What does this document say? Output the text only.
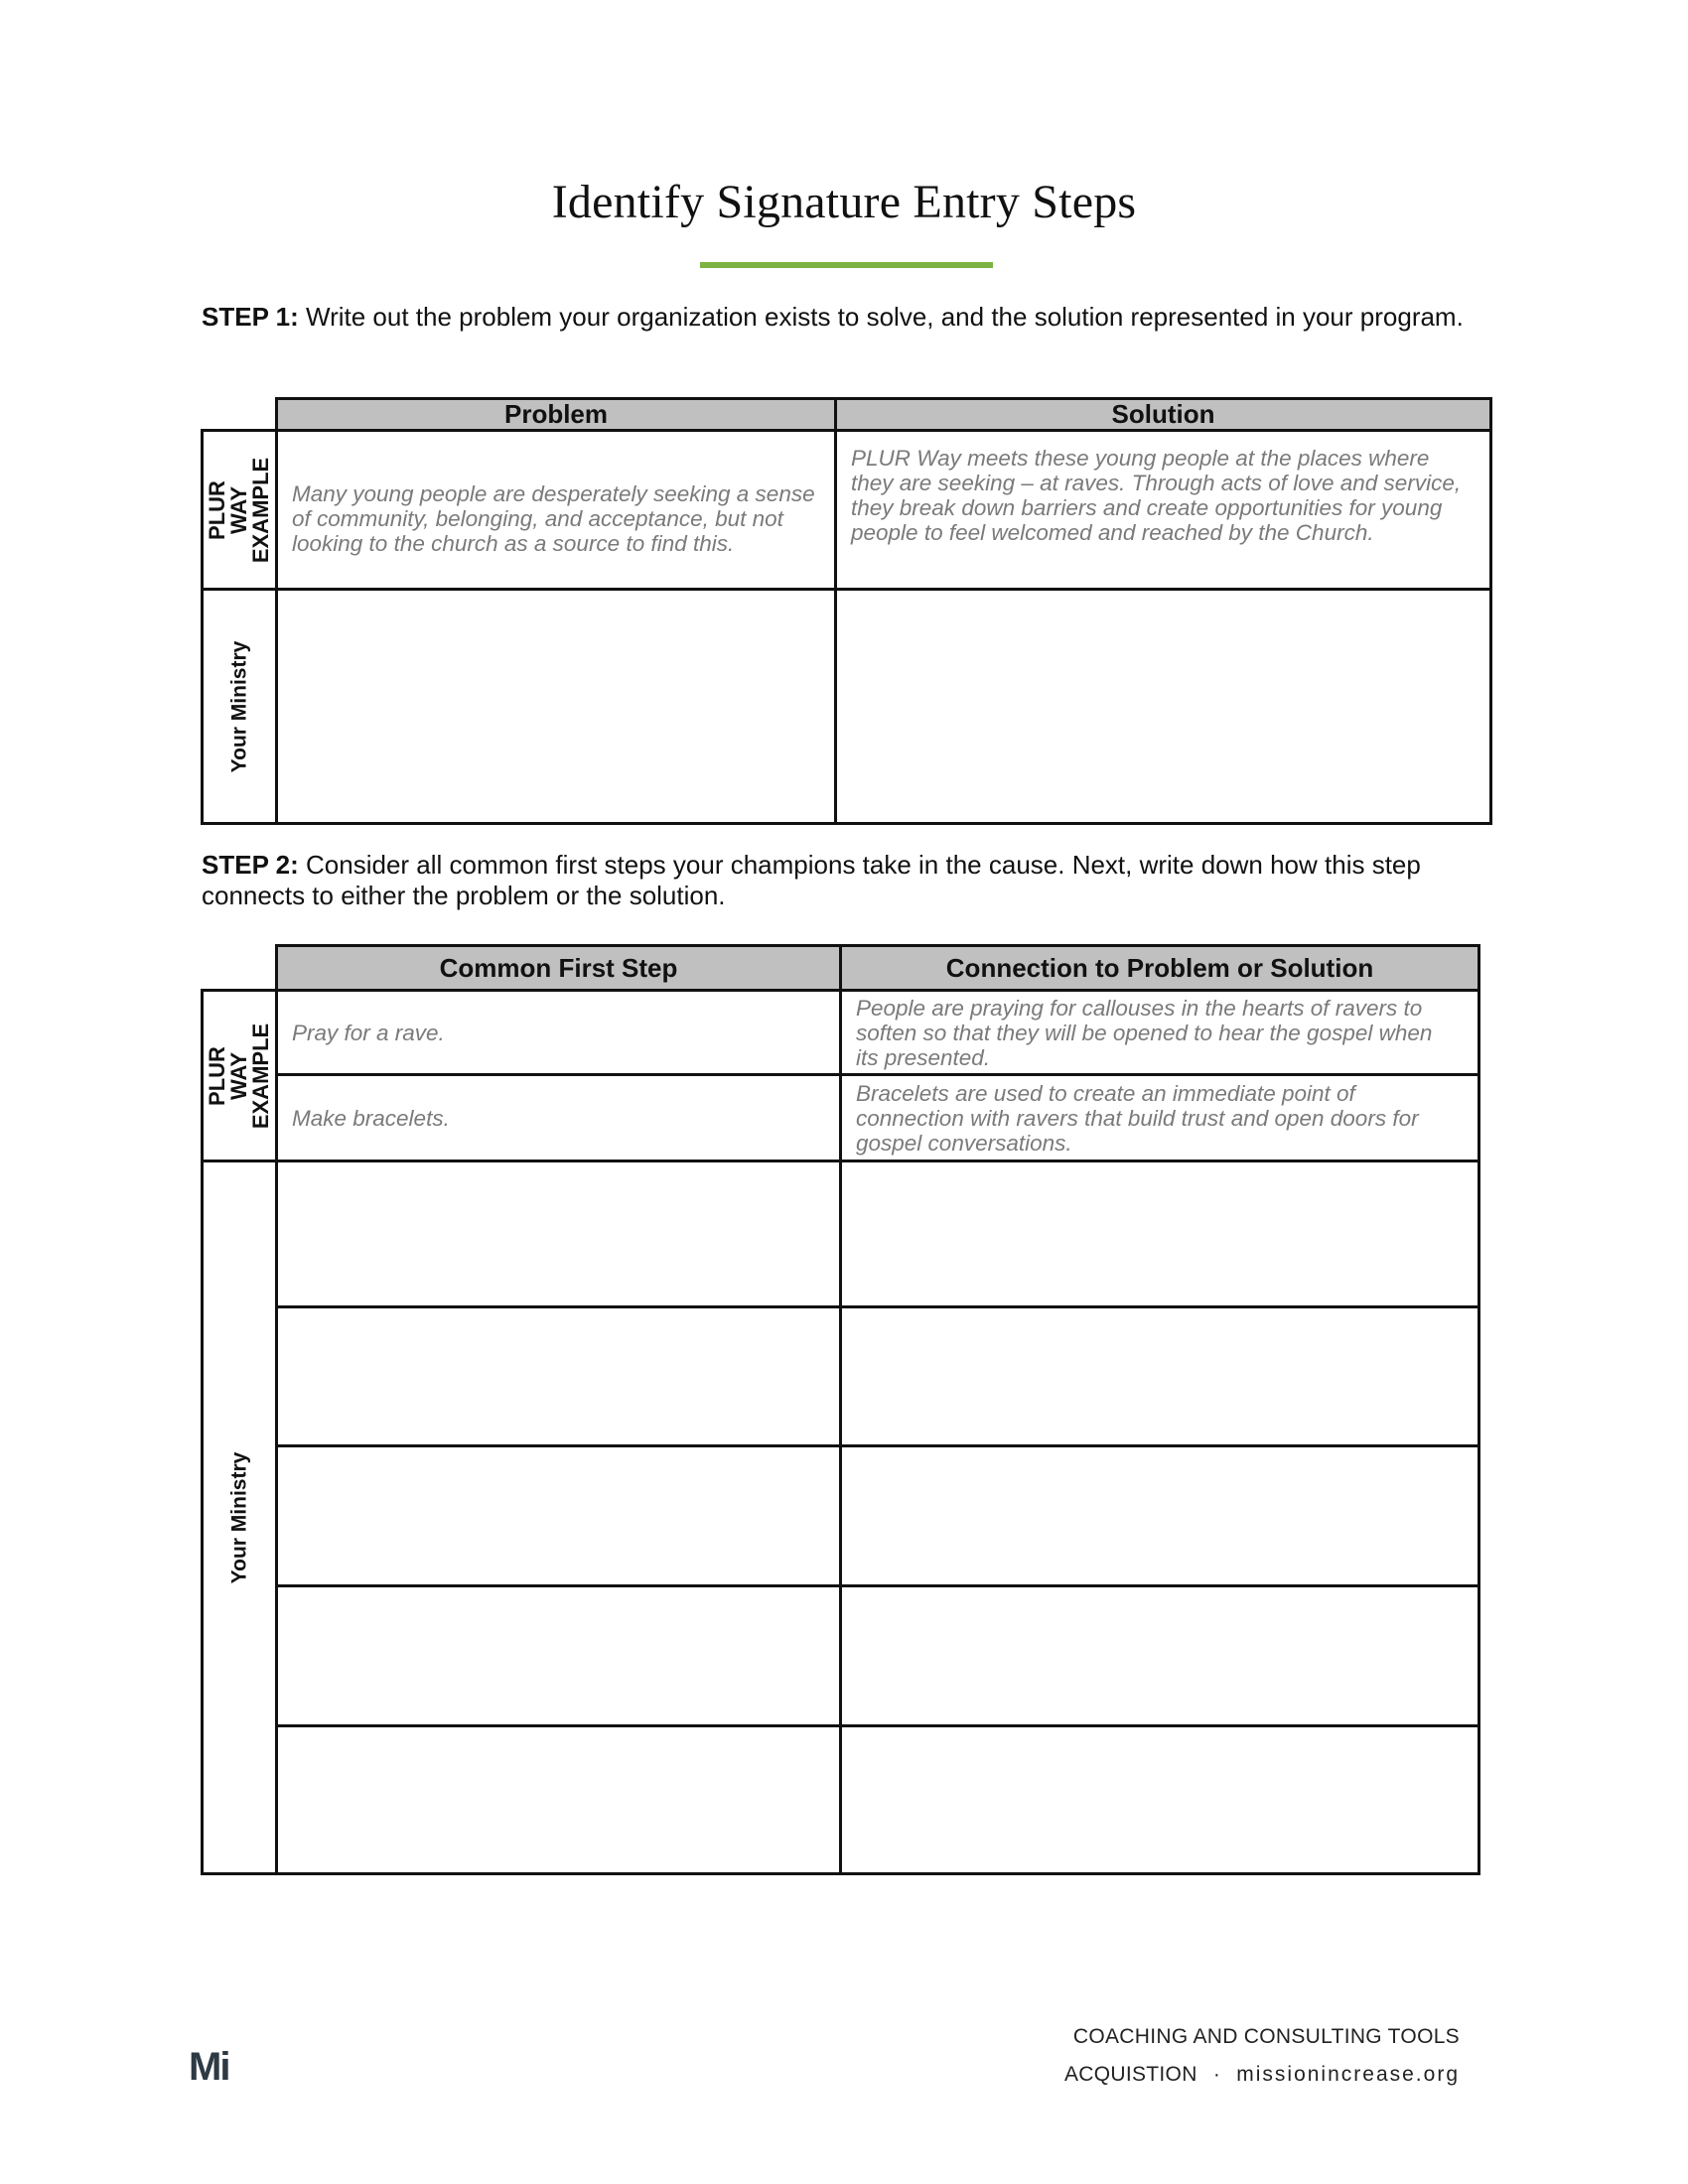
Identify Signature Entry Steps
STEP 1: Write out the problem your organization exists to solve, and the solution represented in your program.
Problem	Solution
PLUR WAY EXAMPLE Many young people are desperately seeking a sense of community, belonging, and acceptance, but not looking to the church as a source to find this.
PLUR Way meets these young people at the places where they are seeking – at raves. Through acts of love and service, they break down barriers and create opportunities for young people to feel welcomed and reached by the Church.
Your Ministry
STEP 2: Consider all common first steps your champions take in the cause. Next, write down how this step connects to either the problem or the solution.
Common First Step	Connection to Problem or Solution
PLUR WAY EXAMPLE Pray for a rave.
People are praying for callouses in the hearts of ravers to soften so that they will be opened to hear the gospel when its presented.
Make bracelets.
Bracelets are used to create an immediate point of connection with ravers that build trust and open doors for gospel conversations.
Your Ministry
Mi
COACHING AND CONSULTING TOOLS
ACQUISTION · missionincrease.org
